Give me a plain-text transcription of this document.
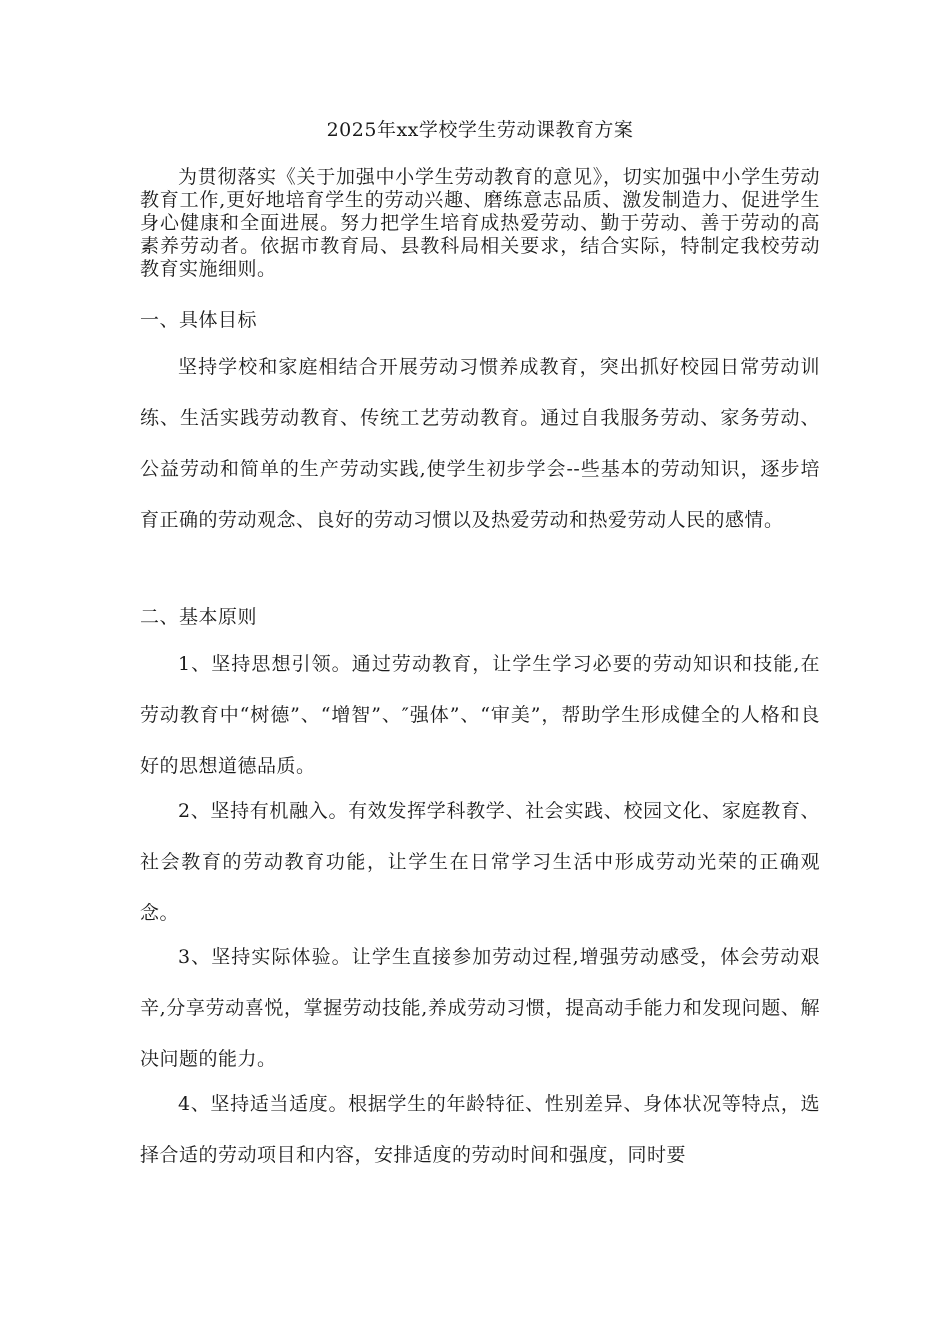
2025年xx学校学生劳动课教育方案

为贯彻落实《关于加强中小学生劳动教育的意见》，切实加强中小学生劳动教育工作,更好地培育学生的劳动兴趣、磨练意志品质、激发制造力、促进学生身心健康和全面进展。努力把学生培育成热爱劳动、勤于劳动、善于劳动的高素养劳动者。依据市教育局、县教科局相关要求，结合实际，特制定我校劳动教育实施细则。

一、具体目标

坚持学校和家庭相结合开展劳动习惯养成教育，突出抓好校园日常劳动训练、生活实践劳动教育、传统工艺劳动教育。通过自我服务劳动、家务劳动、公益劳动和简单的生产劳动实践,使学生初步学会--些基本的劳动知识，逐步培育正确的劳动观念、良好的劳动习惯以及热爱劳动和热爱劳动人民的感情。

二、基本原则

1、坚持思想引领。通过劳动教育，让学生学习必要的劳动知识和技能,在劳动教育中“树德”、“增智”、″强体”、“审美”，帮助学生形成健全的人格和良好的思想道德品质。

2、坚持有机融入。有效发挥学科教学、社会实践、校园文化、家庭教育、社会教育的劳动教育功能，让学生在日常学习生活中形成劳动光荣的正确观念。

3、坚持实际体验。让学生直接参加劳动过程,增强劳动感受，体会劳动艰辛,分享劳动喜悦，掌握劳动技能,养成劳动习惯，提高动手能力和发现问题、解决问题的能力。

4、坚持适当适度。根据学生的年龄特征、性别差异、身体状况等特点，选择合适的劳动项目和内容，安排适度的劳动时间和强度，同时要
